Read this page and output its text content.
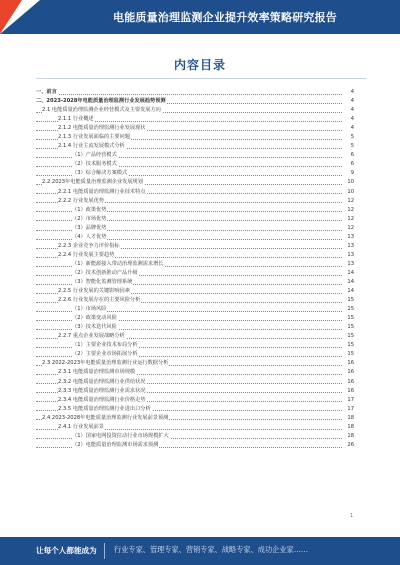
电能质量治理监测企业提升效率策略研究报告
内容目录
一、前言	4
二、2023-2028年电能质量治理监测行业发展趋势预测	4
2.1 电能质量治理监测企业经营模式及主要发展方向	4
2.1.1 行业概述	4
2.1.2 电能质量治理监测行业发展现状	4
2.1.3 行业发展面临的主要问题	5
2.1.4 行业主流发展模式分析	5
（1）产品经营模式	6
（2）技术服务模式	6
（3）综合解决方案模式	9
2.2 2023年电能质量治理监测企业发展规划	10
2.2.1 电能质量治理监测行业技术特点	10
2.2.2 行业发展优势	12
（1）政策优势	12
（2）市场优势	12
（3）品牌优势	12
（4）人才优势	13
2.2.3 企业竞争力评价指标	13
2.2.4 行业发展主要趋势	13
（1）新能源接入带动治理监测需求增长	13
（2）技术创新推动产品升级	14
（3）智能化监测管理系统	14
2.2.5 行业发展的关键影响因素	14
2.2.6 行业发展存在的主要风险分析	15
（1）市场风险	15
（2）政策变动风险	15
（3）技术迭代风险	15
2.2.7 重点企业发展战略分析	15
（1）主要企业技术布局分析	15
（2）主要企业市场拓展分析	15
2.3 2022-2023年电能质量治理监测行业运行数据分析	16
2.3.1 电能质量治理监测市场规模	16
2.3.2 电能质量治理监测行业供给状况	16
2.3.3 电能质量治理监测行业需求状况	16
2.3.4 电能质量治理监测行业价格走势	17
2.3.5 电能质量治理监测行业进出口分析	17
2.4 2023-2028年电能质量治理监测行业发展前景预测	18
2.4.1 行业发展前景	18
（1）国家电网投资拉动行业市场规模扩大	18
（2）电能质量治理监测市场需求预测	26
1
让每个人都能成为 行业专家、管理专家、营销专家、战略专家、成功企业家……
